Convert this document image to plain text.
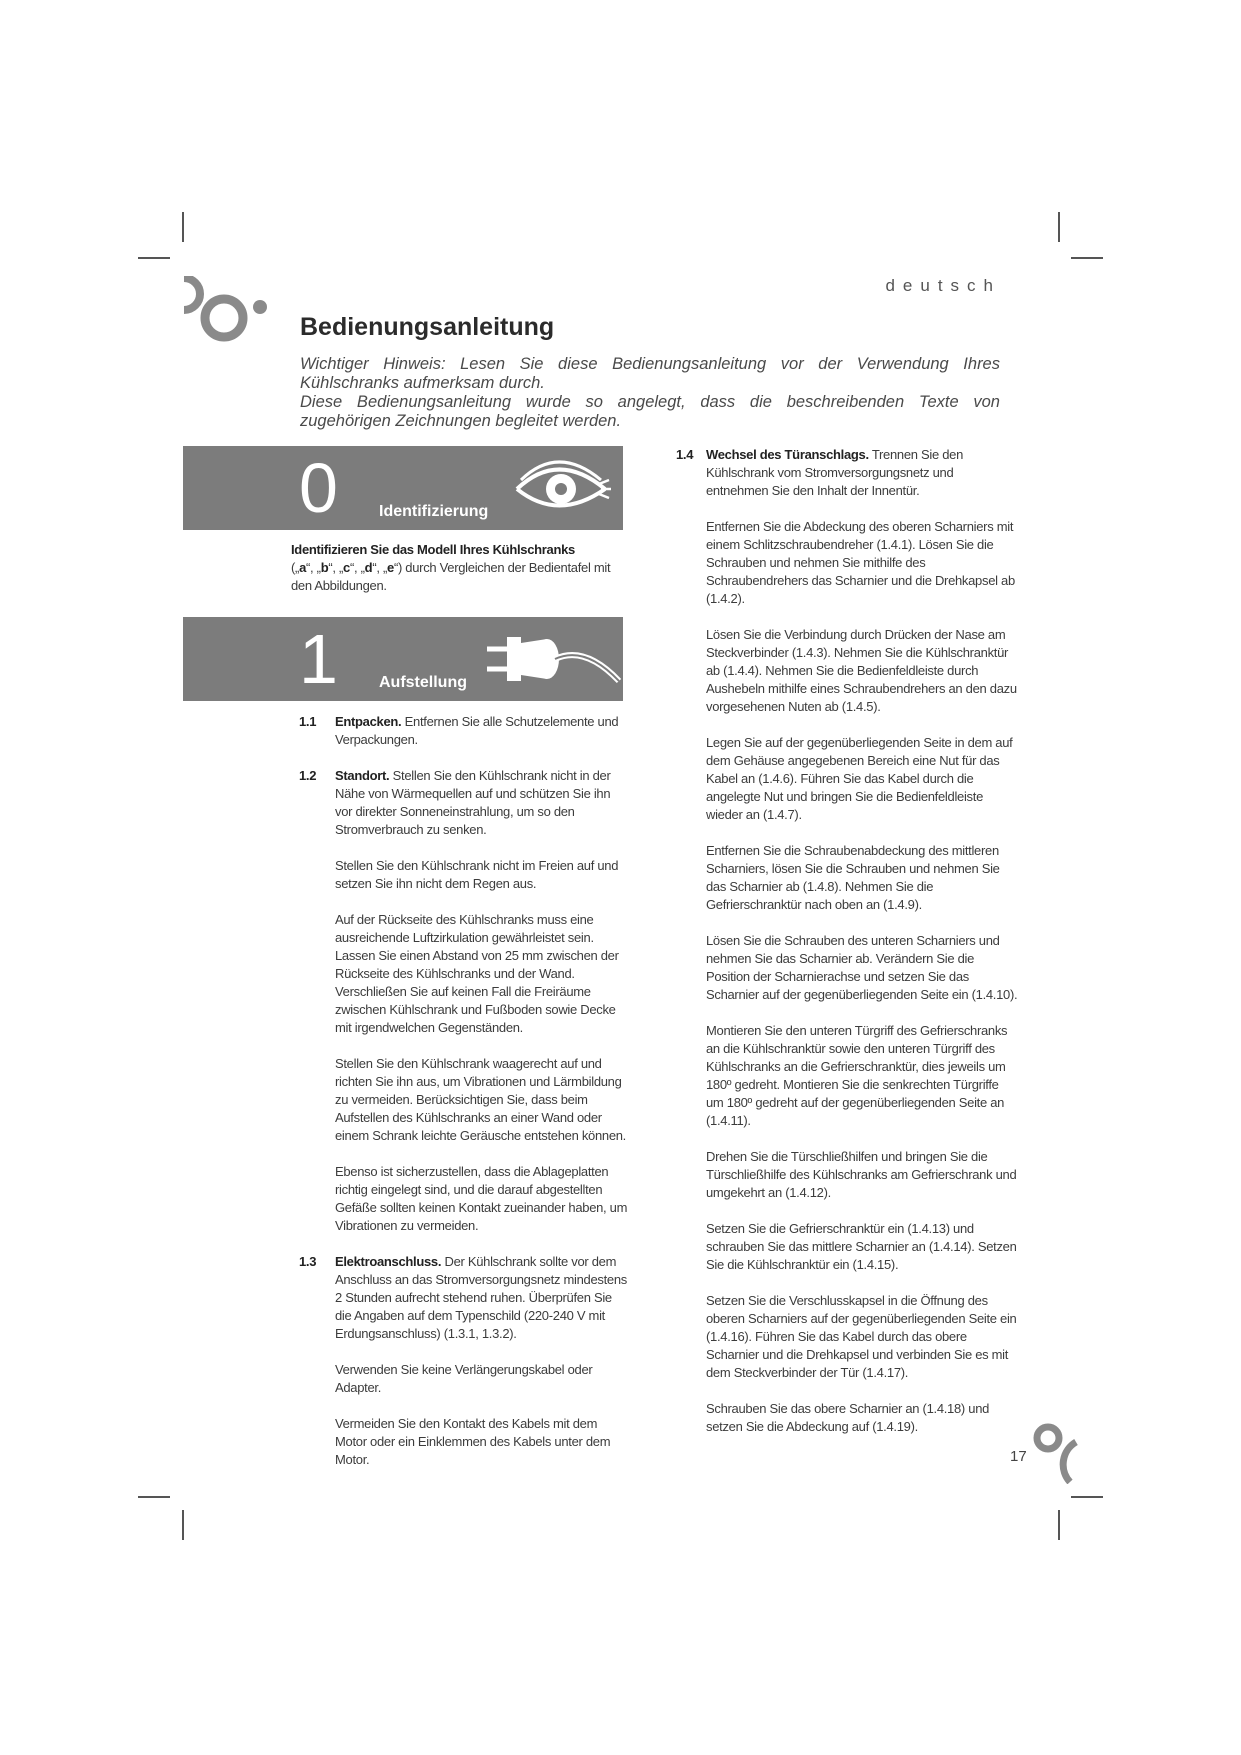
deutsch
Bedienungsanleitung

Wichtiger Hinweis: Lesen Sie diese Bedienungsanleitung vor der Verwendung Ihres Kühlschranks aufmerksam durch.

Diese Bedienungsanleitung wurde so angelegt, dass die beschreibenden Texte von zugehörigen Zeichnungen begleitet werden.

0	Identifizierung

Identifizieren Sie das Modell Ihres Kühlschranks
(„a“, „b“, „c“, „d“, „e“) durch Vergleichen der Bedientafel mit den Abbildungen.

1	Aufstellung
1.1 Entpacken. Entfernen Sie alle Schutzelemente und Verpackungen.

1.2 Standort. Stellen Sie den Kühlschrank nicht in der Nähe von Wärmequellen auf und schützen Sie ihn vor direkter Sonneneinstrahlung, um so den Stromverbrauch zu senken.

Stellen Sie den Kühlschrank nicht im Freien auf und setzen Sie ihn nicht dem Regen aus.

Auf der Rückseite des Kühlschranks muss eine ausreichende Luftzirkulation gewährleistet sein. Lassen Sie einen Abstand von 25 mm zwischen der Rückseite des Kühlschranks und der Wand. Verschließen Sie auf keinen Fall die Freiräume zwischen Kühlschrank und Fußboden sowie Decke mit irgendwelchen Gegenständen.

Stellen Sie den Kühlschrank waagerecht auf und richten Sie ihn aus, um Vibrationen und Lärmbildung zu vermeiden. Berücksichtigen Sie, dass beim Aufstellen des Kühlschranks an einer Wand oder einem Schrank leichte Geräusche entstehen können.

Ebenso ist sicherzustellen, dass die Ablageplatten richtig eingelegt sind, und die darauf abgestellten Gefäße sollten keinen Kontakt zueinander haben, um Vibrationen zu vermeiden.

1.3 Elektroanschluss. Der Kühlschrank sollte vor dem Anschluss an das Stromversorgungsnetz mindestens 2 Stunden aufrecht stehend ruhen. Überprüfen Sie die Angaben auf dem Typenschild (220-240 V mit Erdungsanschluss) (1.3.1, 1.3.2).

Verwenden Sie keine Verlängerungskabel oder Adapter.

Vermeiden Sie den Kontakt des Kabels mit dem Motor oder ein Einklemmen des Kabels unter dem Motor.

1.4 Wechsel des Türanschlags. Trennen Sie den Kühlschrank vom Stromversorgungsnetz und entnehmen Sie den Inhalt der Innentür.

Entfernen Sie die Abdeckung des oberen Scharniers mit einem Schlitzschraubendreher (1.4.1). Lösen Sie die Schrauben und nehmen Sie mithilfe des Schraubendrehers das Scharnier und die Drehkapsel ab (1.4.2).

Lösen Sie die Verbindung durch Drücken der Nase am Steckverbinder (1.4.3). Nehmen Sie die Kühlschranktür ab (1.4.4). Nehmen Sie die Bedienfeldleiste durch Aushebeln mithilfe eines Schraubendrehers an den dazu vorgesehenen Nuten ab (1.4.5).

Legen Sie auf der gegenüberliegenden Seite in dem auf dem Gehäuse angegebenen Bereich eine Nut für das Kabel an (1.4.6). Führen Sie das Kabel durch die angelegte Nut und bringen Sie die Bedienfeldleiste wieder an (1.4.7).

Entfernen Sie die Schraubenabdeckung des mittleren Scharniers, lösen Sie die Schrauben und nehmen Sie das Scharnier ab (1.4.8). Nehmen Sie die Gefrierschranktür nach oben an (1.4.9).

Lösen Sie die Schrauben des unteren Scharniers und nehmen Sie das Scharnier ab. Verändern Sie die Position der Scharnierachse und setzen Sie das Scharnier auf der gegenüberliegenden Seite ein (1.4.10).

Montieren Sie den unteren Türgriff des Gefrierschranks an die Kühlschranktür sowie den unteren Türgriff des Kühlschranks an die Gefrierschranktür, dies jeweils um 180º gedreht. Montieren Sie die senkrechten Türgriffe um 180º gedreht auf der gegenüberliegenden Seite an (1.4.11).

Drehen Sie die Türschließhilfen und bringen Sie die Türschließhilfe des Kühlschranks am Gefrierschrank und umgekehrt an (1.4.12).

Setzen Sie die Gefrierschranktür ein (1.4.13) und schrauben Sie das mittlere Scharnier an (1.4.14). Setzen Sie die Kühlschranktür ein (1.4.15).

Setzen Sie die Verschlusskapsel in die Öffnung des oberen Scharniers auf der gegenüberliegenden Seite ein (1.4.16). Führen Sie das Kabel durch das obere Scharnier und die Drehkapsel und verbinden Sie es mit dem Steckverbinder der Tür (1.4.17).

Schrauben Sie das obere Scharnier an (1.4.18) und setzen Sie die Abdeckung auf (1.4.19).

17
